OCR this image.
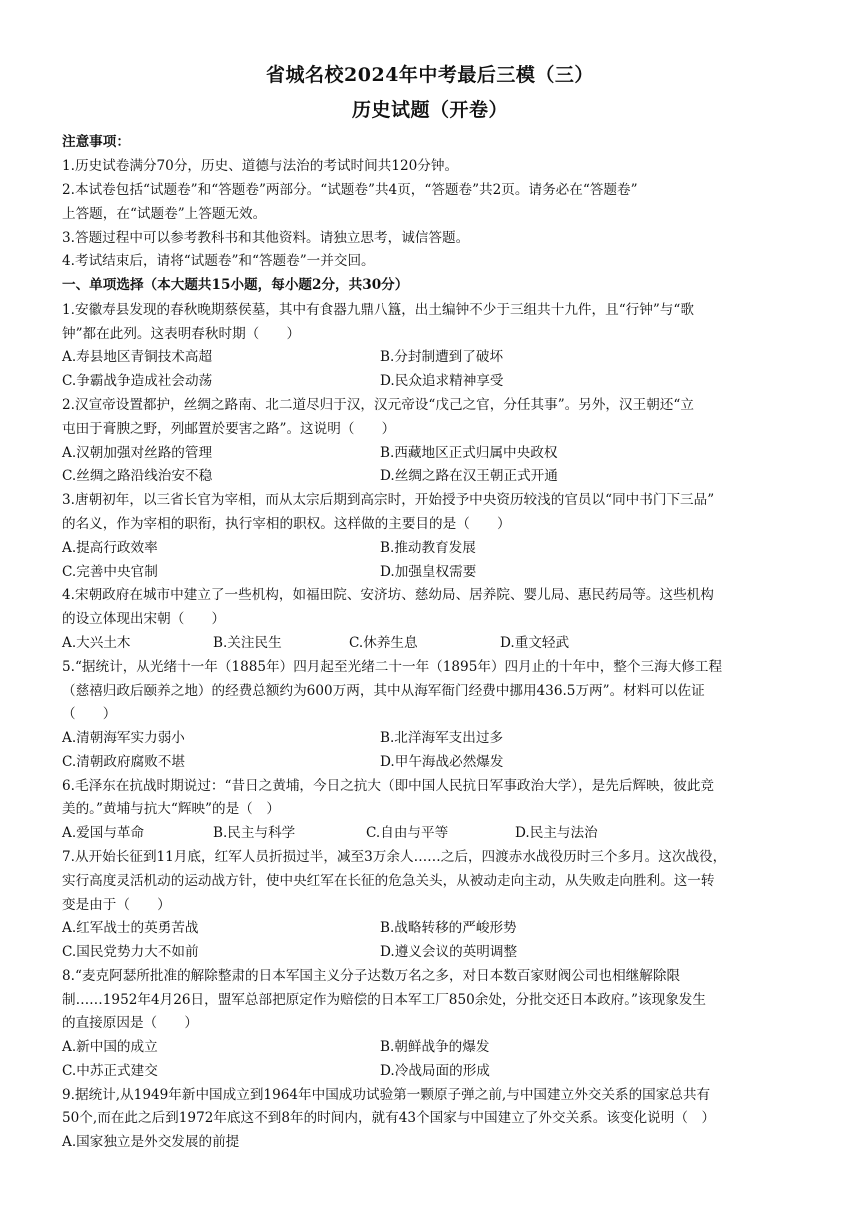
省城名校2024年中考最后三模（三）
历史试题（开卷）
注意事项：
1.历史试卷满分70分，历史、道德与法治的考试时间共120分钟。
2.本试卷包括“试题卷”和“答题卷”两部分。“试题卷”共4页，“答题卷”共2页。请务必在“答题卷”
上答题，在“试题卷”上答题无效。
3.答题过程中可以参考教科书和其他资料。请独立思考，诚信答题。
4.考试结束后，请将“试题卷”和“答题卷”一并交回。
一、单项选择（本大题共15小题，每小题2分，共30分）
1.安徽寿县发现的春秋晚期蔡侯墓，其中有食器九鼎八簋，出土编钟不少于三组共十九件，且“行钟”与“歌
钟”都在此列。这表明春秋时期（　　）
A.寿县地区青铜技术高超	B.分封制遭到了破坏
C.争霸战争造成社会动荡	D.民众追求精神享受
2.汉宣帝设置都护，丝绸之路南、北二道尽归于汉，汉元帝设“戊己之官，分任其事”。另外，汉王朝还“立
屯田于膏腴之野，列邮置於要害之路”。这说明（　　）
A.汉朝加强对丝路的管理	B.西藏地区正式归属中央政权
C.丝绸之路沿线治安不稳	D.丝绸之路在汉王朝正式开通
3.唐朝初年，以三省长官为宰相，而从太宗后期到高宗时，开始授予中央资历较浅的官员以“同中书门下三品”
的名义，作为宰相的职衔，执行宰相的职权。这样做的主要目的是（　　）
A.提高行政效率	B.推动教育发展
C.完善中央官制	D.加强皇权需要
4.宋朝政府在城市中建立了一些机构，如福田院、安济坊、慈幼局、居养院、婴儿局、惠民药局等。这些机构
的设立体现出宋朝（　　）
A.大兴土木	B.关注民生	C.休养生息	D.重文轻武
5.“据统计，从光绪十一年（1885年）四月起至光绪二十一年（1895年）四月止的十年中，整个三海大修工程
（慈禧归政后颐养之地）的经费总额约为600万两，其中从海军衙门经费中挪用436.5万两”。材料可以佐证
（　　）
A.清朝海军实力弱小	B.北洋海军支出过多
C.清朝政府腐败不堪	D.甲午海战必然爆发
6.毛泽东在抗战时期说过：“昔日之黄埔，今日之抗大（即中国人民抗日军事政治大学），是先后辉映，彼此竞
美的。”黄埔与抗大“辉映”的是（　）
A.爱国与革命	B.民主与科学	C.自由与平等	D.民主与法治
7.从开始长征到11月底，红军人员折损过半，减至3万余人……之后，四渡赤水战役历时三个多月。这次战役，
实行高度灵活机动的运动战方针，使中央红军在长征的危急关头，从被动走向主动，从失败走向胜利。这一转
变是由于（　　）
A.红军战士的英勇苦战	B.战略转移的严峻形势
C.国民党势力大不如前	D.遵义会议的英明调整
8.“麦克阿瑟所批准的解除整肃的日本军国主义分子达数万名之多，对日本数百家财阀公司也相继解除限
制……1952年4月26日，盟军总部把原定作为赔偿的日本军工厂850余处，分批交还日本政府。”该现象发生
的直接原因是（　　）
A.新中国的成立	B.朝鲜战争的爆发
C.中苏正式建交	D.冷战局面的形成
9.据统计,从1949年新中国成立到1964年中国成功试验第一颗原子弹之前,与中国建立外交关系的国家总共有
50个,而在此之后到1972年底这不到8年的时间内，就有43个国家与中国建立了外交关系。该变化说明（　）
A.国家独立是外交发展的前提
